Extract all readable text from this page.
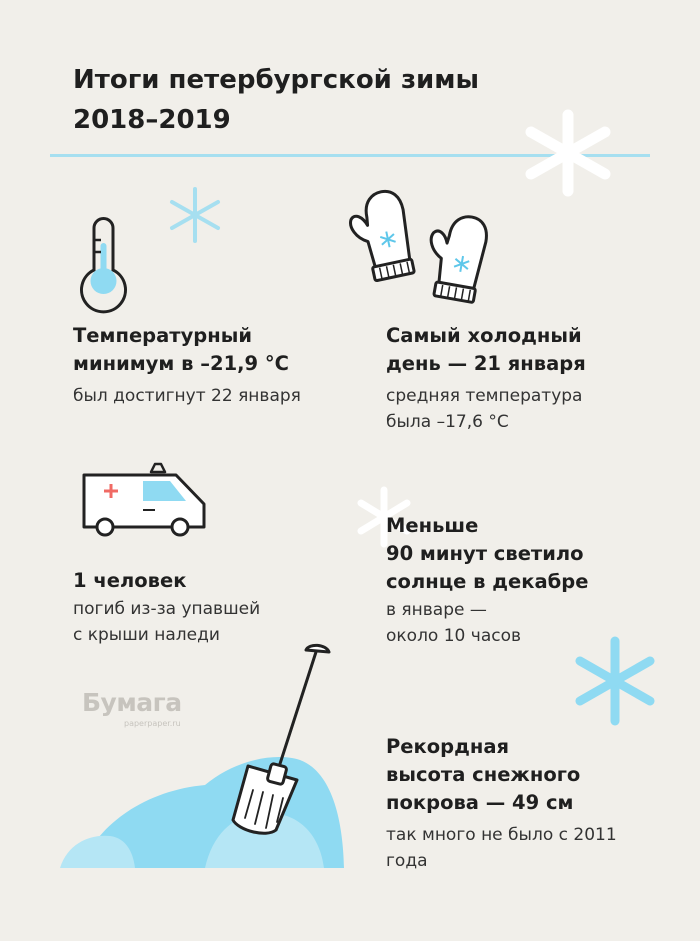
Итоги петербургской зимы
2018–2019
Температурный
минимум в –21,9 °C
был достигнут 22 января
Самый холодный
день — 21 января
средняя температура
была –17,6 °C
1 человек
погиб из-за упавшей
с крыши наледи
Меньше
90 минут светило
солнце в декабре
в январе —
около 10 часов
Рекордная
высота снежного
покрова — 49 см
так много не было с 2011
года
Бумага
paperpaper.ru
